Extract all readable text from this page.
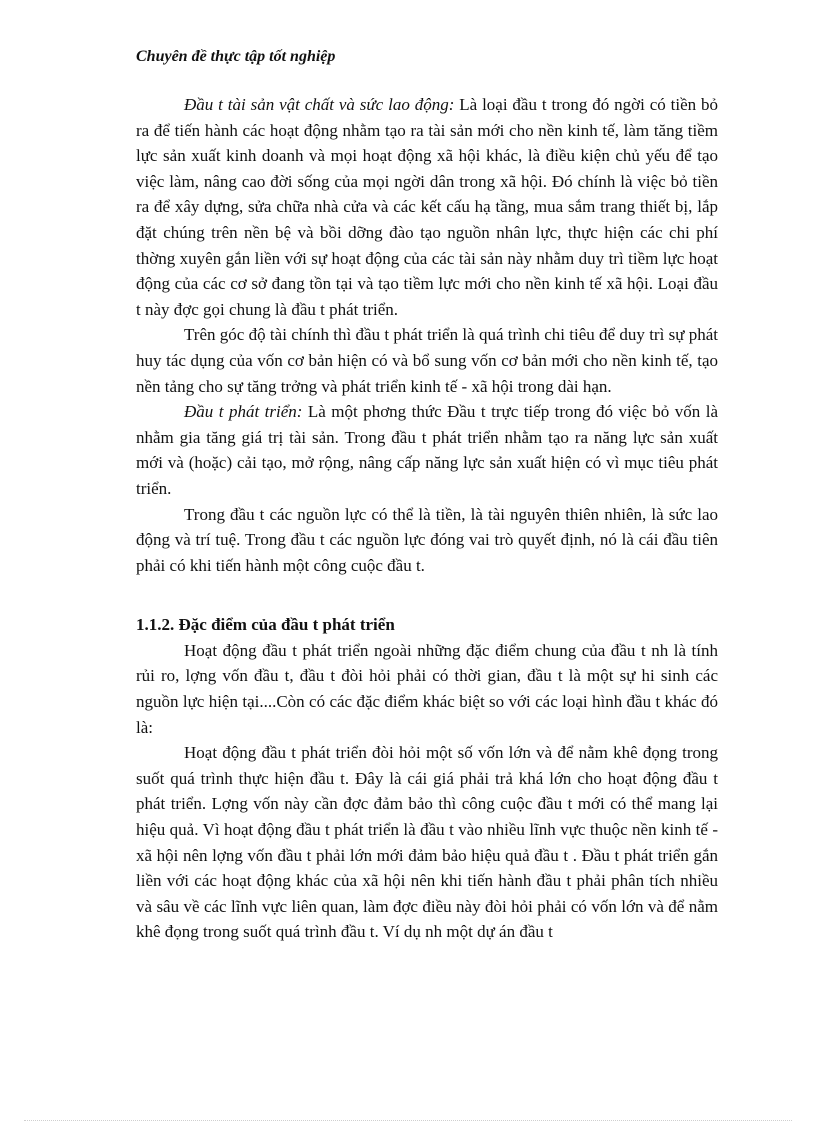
Chuyên đề thực tập tốt nghiệp

Đầu t tài sản vật chất và sức lao động: Là loại đầu t trong đó ngời có tiền bỏ ra để tiến hành các hoạt động nhằm tạo ra tài sản mới cho nền kinh tế, làm tăng tiềm lực sản xuất kinh doanh và mọi hoạt động xã hội khác, là điều kiện chủ yếu để tạo việc làm, nâng cao đời sống của mọi ngời dân trong xã hội. Đó chính là việc bỏ tiền ra để xây dựng, sửa chữa nhà cửa và các kết cấu hạ tầng, mua sắm trang thiết bị, lắp đặt chúng trên nền bệ và bồi dỡng đào tạo nguồn nhân lực, thực hiện các chi phí thờng xuyên gắn liền với sự hoạt động của các tài sản này nhằm duy trì tiềm lực hoạt động của các cơ sở đang tồn tại và tạo tiềm lực mới cho nền kinh tế xã hội. Loại đầu t này đợc gọi chung là đầu t phát triển.

Trên góc độ tài chính thì đầu t phát triển là quá trình chi tiêu để duy trì sự phát huy tác dụng của vốn cơ bản hiện có và bổ sung vốn cơ bản mới cho nền kinh tế, tạo nền tảng cho sự tăng trởng và phát triển kinh tế - xã hội trong dài hạn.

Đầu t phát triển: Là một phơng thức Đầu t trực tiếp trong đó việc bỏ vốn là nhằm gia tăng giá trị tài sản. Trong đầu t phát triển nhằm tạo ra năng lực sản xuất mới và (hoặc) cải tạo, mở rộng, nâng cấp năng lực sản xuất hiện có vì mục tiêu phát triển.

Trong đầu t các nguồn lực có thể là tiền, là tài nguyên thiên nhiên, là sức lao động và trí tuệ. Trong đầu t các nguồn lực đóng vai trò quyết định, nó là cái đầu tiên phải có khi tiến hành một công cuộc đầu t.

1.1.2. Đặc điểm của đầu t phát triển

Hoạt động đầu t phát triển ngoài những đặc điểm chung của đầu t nh là tính rủi ro, lợng vốn đầu t, đầu t đòi hỏi phải có thời gian, đầu t là một sự hi sinh các nguồn lực hiện tại....Còn có các đặc điểm khác biệt so với các loại hình đầu t khác đó là:

Hoạt động đầu t phát triển đòi hỏi một số vốn lớn và để nằm khê đọng trong suốt quá trình thực hiện đầu t. Đây là cái giá phải trả khá lớn cho hoạt động đầu t phát triển. Lợng vốn này cần đợc đảm bảo thì công cuộc đầu t mới có thể mang lại hiệu quả. Vì hoạt động đầu t phát triển là đầu t vào nhiều lĩnh vực thuộc nền kinh tế - xã hội nên lợng vốn đầu t phải lớn mới đảm bảo hiệu quả đầu t . Đầu t phát triển gắn liền với các hoạt động khác của xã hội nên khi tiến hành đầu t phải phân tích nhiều và sâu về các lĩnh vực liên quan, làm đợc điều này đòi hỏi phải có vốn lớn và để nằm khê đọng trong suốt quá trình đầu t. Ví dụ nh một dự án đầu t
